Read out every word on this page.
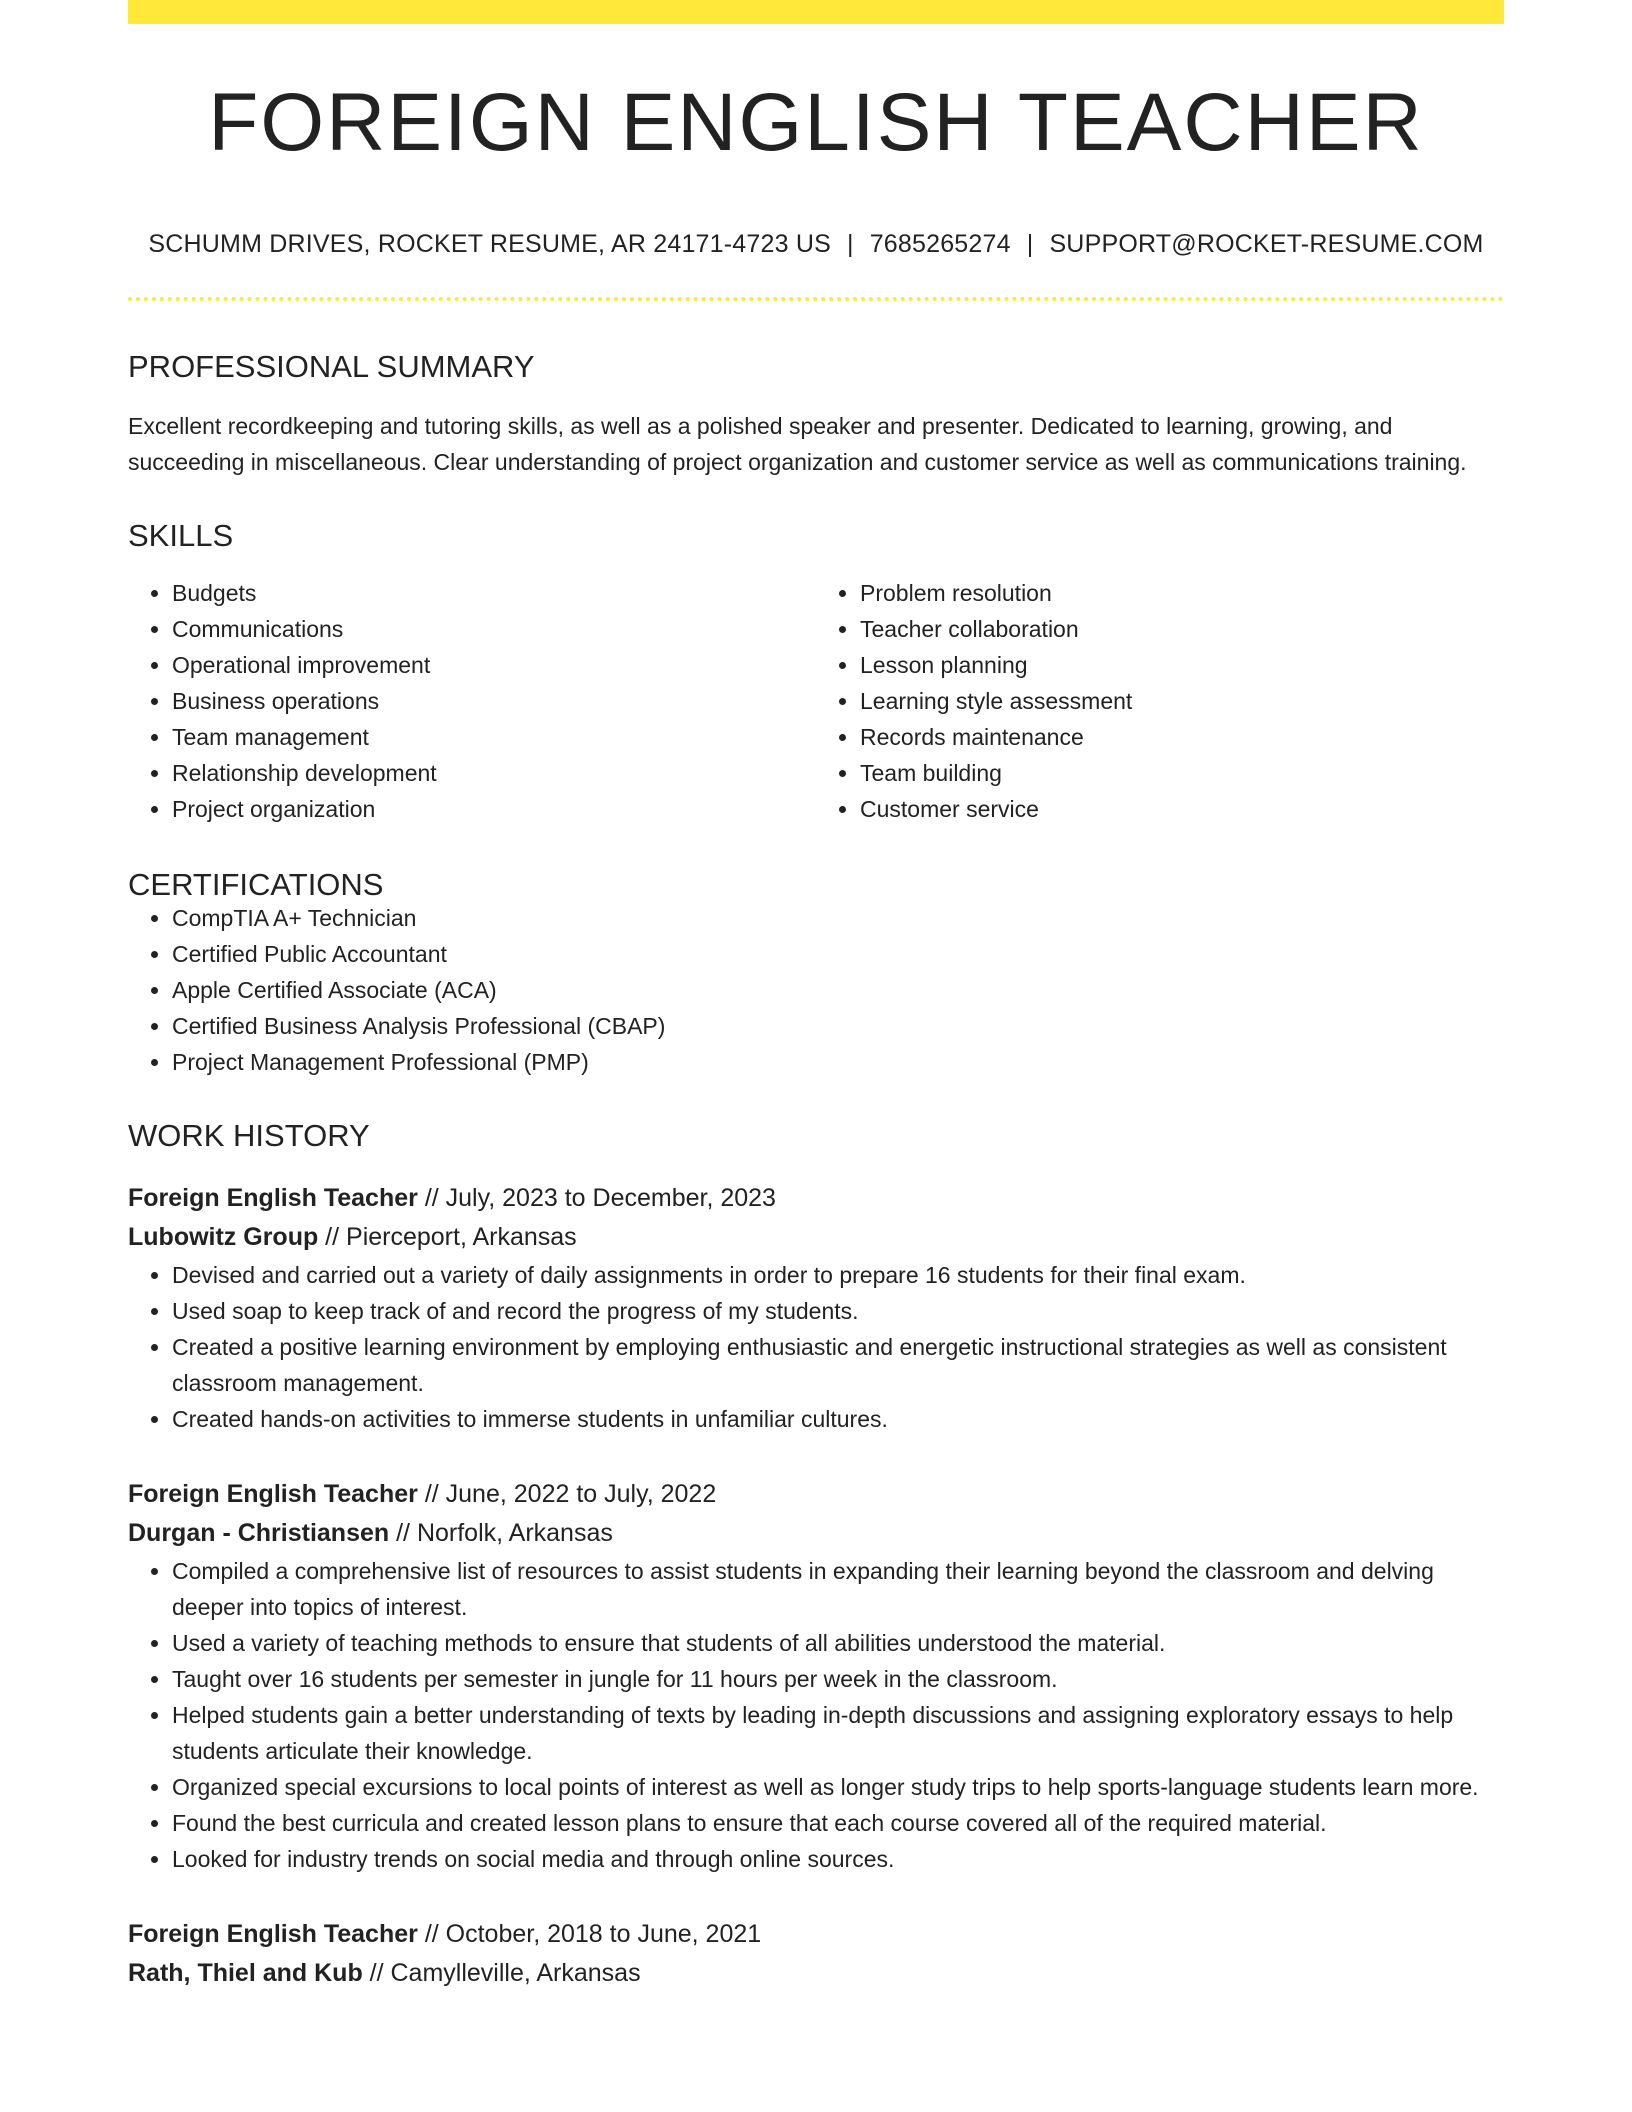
FOREIGN ENGLISH TEACHER
SCHUMM DRIVES, ROCKET RESUME, AR 24171-4723 US | 7685265274 | SUPPORT@ROCKET-RESUME.COM
PROFESSIONAL SUMMARY
Excellent recordkeeping and tutoring skills, as well as a polished speaker and presenter. Dedicated to learning, growing, and succeeding in miscellaneous. Clear understanding of project organization and customer service as well as communications training.
SKILLS
• Budgets
• Communications
• Operational improvement
• Business operations
• Team management
• Relationship development
• Project organization
• Problem resolution
• Teacher collaboration
• Lesson planning
• Learning style assessment
• Records maintenance
• Team building
• Customer service
CERTIFICATIONS
• CompTIA A+ Technician
• Certified Public Accountant
• Apple Certified Associate (ACA)
• Certified Business Analysis Professional (CBAP)
• Project Management Professional (PMP)
WORK HISTORY
Foreign English Teacher // July, 2023 to December, 2023
Lubowitz Group // Pierceport, Arkansas
• Devised and carried out a variety of daily assignments in order to prepare 16 students for their final exam.
• Used soap to keep track of and record the progress of my students.
• Created a positive learning environment by employing enthusiastic and energetic instructional strategies as well as consistent classroom management.
• Created hands-on activities to immerse students in unfamiliar cultures.
Foreign English Teacher // June, 2022 to July, 2022
Durgan - Christiansen // Norfolk, Arkansas
• Compiled a comprehensive list of resources to assist students in expanding their learning beyond the classroom and delving deeper into topics of interest.
• Used a variety of teaching methods to ensure that students of all abilities understood the material.
• Taught over 16 students per semester in jungle for 11 hours per week in the classroom.
• Helped students gain a better understanding of texts by leading in-depth discussions and assigning exploratory essays to help students articulate their knowledge.
• Organized special excursions to local points of interest as well as longer study trips to help sports-language students learn more.
• Found the best curricula and created lesson plans to ensure that each course covered all of the required material.
• Looked for industry trends on social media and through online sources.
Foreign English Teacher // October, 2018 to June, 2021
Rath, Thiel and Kub // Camylleville, Arkansas
